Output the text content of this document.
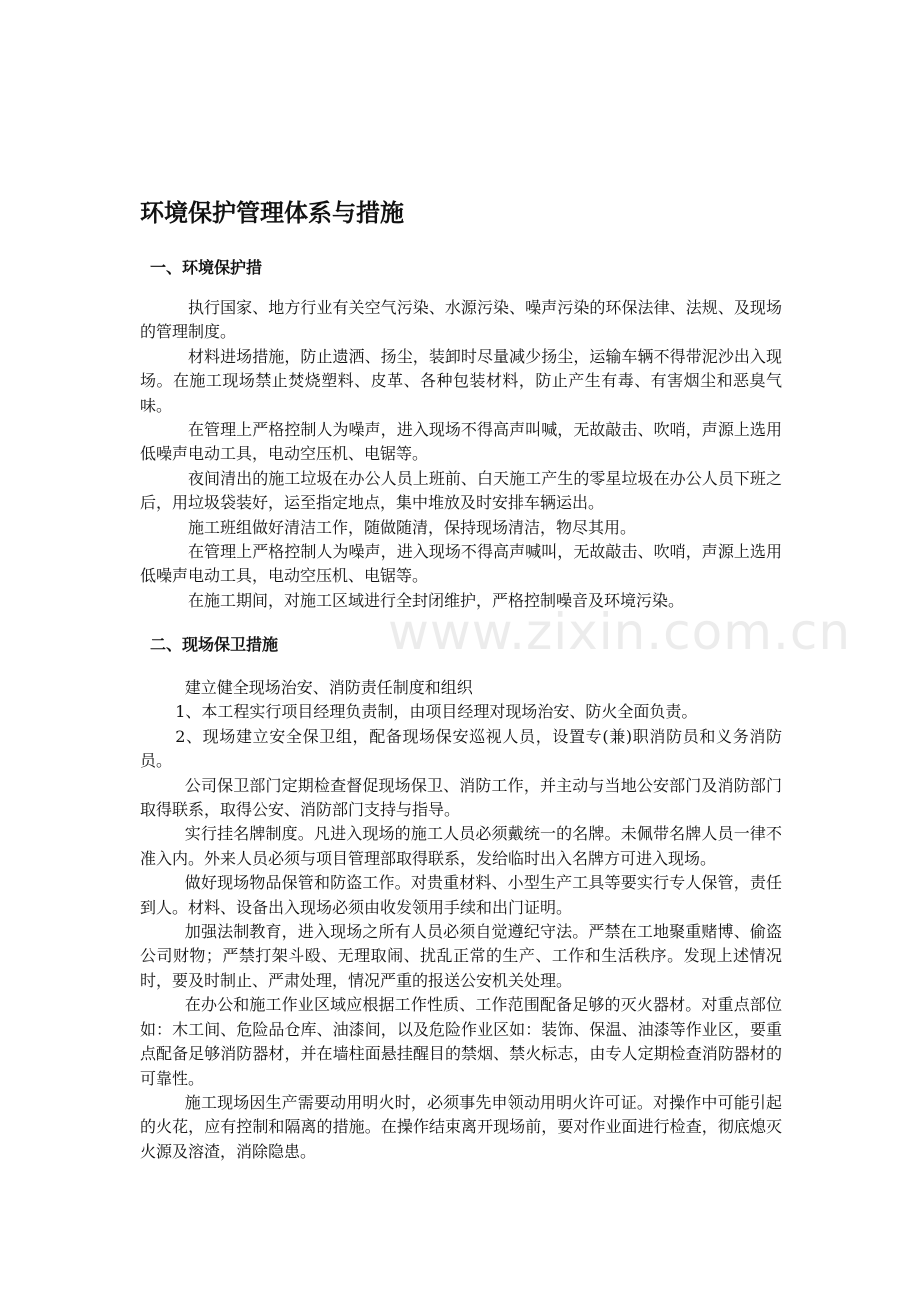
环境保护管理体系与措施
一、环境保护措

执行国家、地方行业有关空气污染、水源污染、噪声污染的环保法律、法规、及现场的管理制度。

材料进场措施，防止遗洒、扬尘，装卸时尽量减少扬尘，运输车辆不得带泥沙出入现场。在施工现场禁止焚烧塑料、皮革、各种包装材料，防止产生有毒、有害烟尘和恶臭气味。

在管理上严格控制人为噪声，进入现场不得高声叫喊，无故敲击、吹哨，声源上选用低噪声电动工具，电动空压机、电锯等。

夜间清出的施工垃圾在办公人员上班前、白天施工产生的零星垃圾在办公人员下班之后，用垃圾袋装好，运至指定地点，集中堆放及时安排车辆运出。

施工班组做好清洁工作，随做随清，保持现场清洁，物尽其用。

在管理上严格控制人为噪声，进入现场不得高声喊叫，无故敲击、吹哨，声源上选用低噪声电动工具，电动空压机、电锯等。

在施工期间，对施工区域进行全封闭维护，严格控制噪音及环境污染。

二、现场保卫措施

建立健全现场治安、消防责任制度和组织

1、本工程实行项目经理负责制，由项目经理对现场治安、防火全面负责。

2、现场建立安全保卫组，配备现场保安巡视人员，设置专(兼)职消防员和义务消防员。

公司保卫部门定期检查督促现场保卫、消防工作，并主动与当地公安部门及消防部门取得联系，取得公安、消防部门支持与指导。

实行挂名牌制度。凡进入现场的施工人员必须戴统一的名牌。未佩带名牌人员一律不准入内。外来人员必须与项目管理部取得联系，发给临时出入名牌方可进入现场。

做好现场物品保管和防盗工作。对贵重材料、小型生产工具等要实行专人保管，责任到人。材料、设备出入现场必须由收发领用手续和出门证明。

加强法制教育，进入现场之所有人员必须自觉遵纪守法。严禁在工地聚重赌博、偷盗公司财物；严禁打架斗殴、无理取闹、扰乱正常的生产、工作和生活秩序。发现上述情况时，要及时制止、严肃处理，情况严重的报送公安机关处理。

在办公和施工作业区域应根据工作性质、工作范围配备足够的灭火器材。对重点部位如：木工间、危险品仓库、油漆间，以及危险作业区如：装饰、保温、油漆等作业区，要重点配备足够消防器材，并在墙柱面悬挂醒目的禁烟、禁火标志，由专人定期检查消防器材的可靠性。

施工现场因生产需要动用明火时，必须事先申领动用明火许可证。对操作中可能引起的火花，应有控制和隔离的措施。在操作结束离开现场前，要对作业面进行检查，彻底熄灭火源及溶渣，消除隐患。

www.zixin.com.cn
